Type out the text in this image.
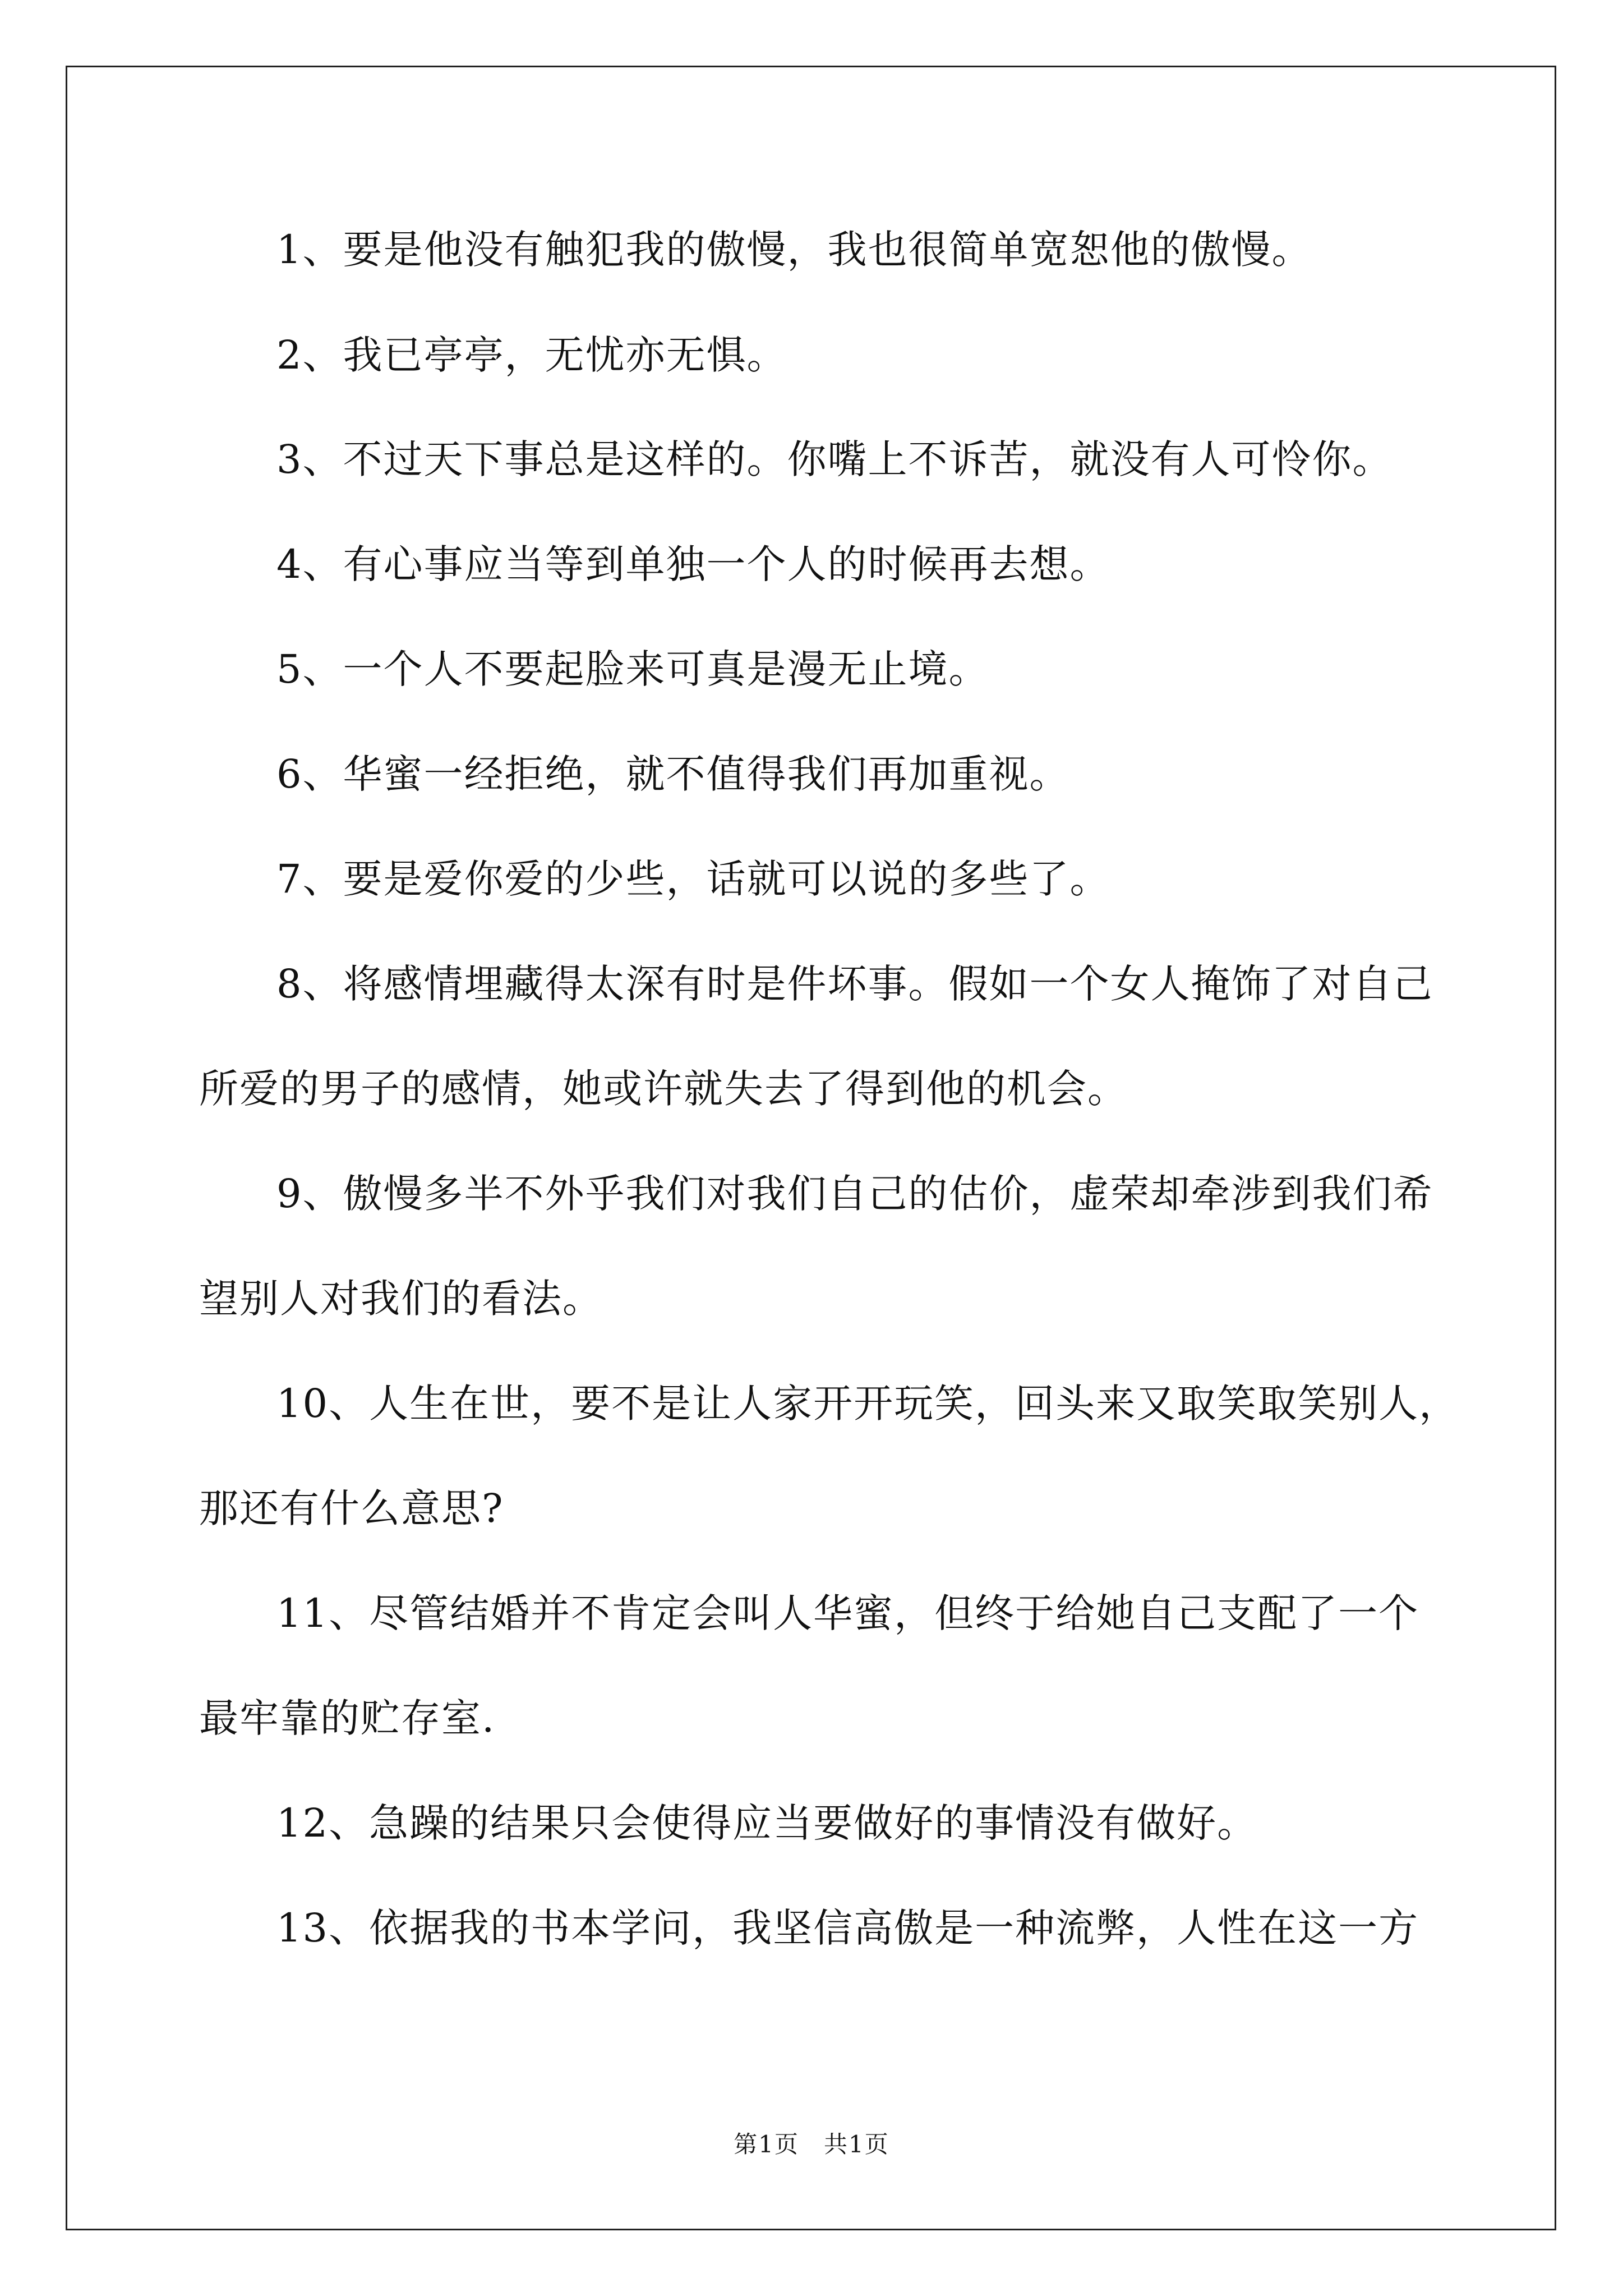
1、要是他没有触犯我的傲慢，我也很简单宽恕他的傲慢。
2、我已亭亭，无忧亦无惧。
3、不过天下事总是这样的。你嘴上不诉苦，就没有人可怜你。
4、有心事应当等到单独一个人的时候再去想。
5、一个人不要起脸来可真是漫无止境。
6、华蜜一经拒绝，就不值得我们再加重视。
7、要是爱你爱的少些，话就可以说的多些了。
8、将感情埋藏得太深有时是件坏事。假如一个女人掩饰了对自己
所爱的男子的感情，她或许就失去了得到他的机会。
9、傲慢多半不外乎我们对我们自己的估价，虚荣却牵涉到我们希
望别人对我们的看法。
10、人生在世，要不是让人家开开玩笑，回头来又取笑取笑别人，
那还有什么意思?
11、尽管结婚并不肯定会叫人华蜜，但终于给她自己支配了一个
最牢靠的贮存室.
12、急躁的结果只会使得应当要做好的事情没有做好。
13、依据我的书本学问，我坚信高傲是一种流弊，人性在这一方
第1页　共1页
